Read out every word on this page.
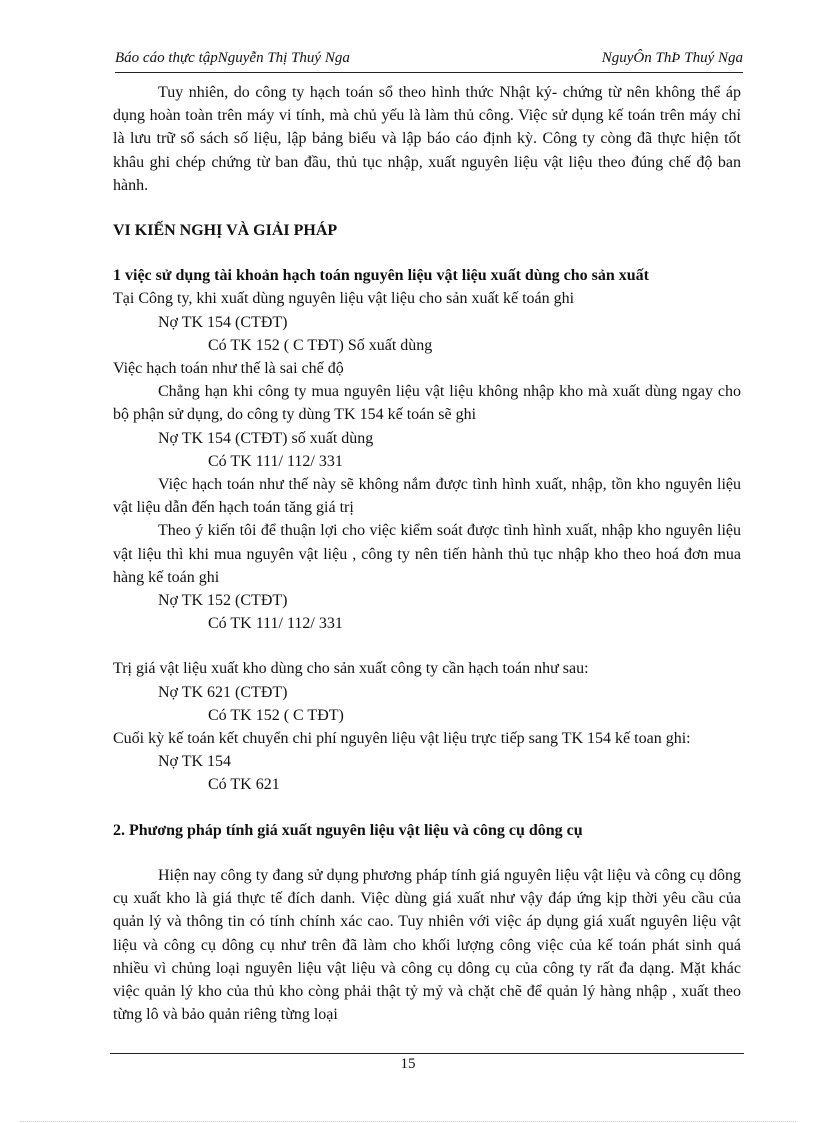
Báo cáo thực tậpNguyễn Thị Thuý Nga	NguyÔn ThÞ Thuý Nga

Tuy nhiên, do công ty hạch toán sổ theo hình thức Nhật ký- chứng từ nên không thể áp dụng hoàn toàn trên máy vi tính, mà chủ yếu là làm thủ công. Việc sử dụng kế toán trên máy chỉ là lưu trữ sổ sách số liệu, lập bảng biểu và lập báo cáo định kỳ. Công ty còng đã thực hiện tốt khâu ghi chép chứng từ ban đầu, thủ tục nhập, xuất nguyên liệu vật liệu theo đúng chế độ ban hành.

VI KIẾN NGHỊ VÀ GIẢI PHÁP
1 việc sử dụng tài khoản hạch toán nguyên liệu vật liệu xuất dùng cho sản xuất

Tại Công ty, khi xuất dùng nguyên liệu vật liệu cho sản xuất kế toán ghi

Nợ TK 154 (CTĐT)

Có TK 152 ( C TĐT) Số xuất dùng

Việc hạch toán như thế là sai chế độ

Chẳng hạn khi công ty mua nguyên liệu vật liệu không nhập kho mà xuất dùng ngay cho bộ phận sử dụng, do công ty dùng TK 154 kế toán sẽ ghi

Nợ TK 154 (CTĐT) số xuất dùng

Có TK 111/ 112/ 331

Việc hạch toán như thế này sẽ không nắm được tình hình xuất, nhập, tồn kho nguyên liệu vật liệu dẫn đến hạch toán tăng giá trị

Theo ý kiến tôi để thuận lợi cho việc kiểm soát được tình hình xuất, nhập kho nguyên liệu vật liệu thì khi mua nguyên vật liệu , công ty nên tiến hành thủ tục nhập kho theo hoá đơn mua hàng kế toán ghi

Nợ TK 152 (CTĐT)

Có TK 111/ 112/ 331

Trị giá vật liệu xuất kho dùng cho sản xuất công ty cần hạch toán như sau:

Nợ TK 621 (CTĐT)

Có TK 152 ( C TĐT)

Cuối kỳ kế toán kết chuyển chi phí nguyên liệu vật liệu trực tiếp sang TK 154 kế toan ghi:

Nợ TK 154

Có TK 621

2. Phương pháp tính giá xuất nguyên liệu vật liệu và công cụ dông cụ

Hiện nay công ty đang sử dụng phương pháp tính giá nguyên liệu vật liệu và công cụ dông cụ xuất kho là giá thực tế đích danh. Việc dùng giá xuất như vậy đáp ứng kịp thời yêu cầu của quản lý và thông tin có tính chính xác cao. Tuy nhiên với việc áp dụng giá xuất nguyên liệu vật liệu và công cụ dông cụ như trên đã làm cho khối lượng công việc của kế toán phát sinh quá nhiều vì chủng loại nguyên liệu vật liệu và công cụ dông cụ của công ty rất đa dạng. Mặt khác việc quản lý kho của thủ kho còng phải thật tỷ mỷ và chặt chẽ để quản lý hàng nhập , xuất theo từng lô và bảo quản riêng từng loại

15
